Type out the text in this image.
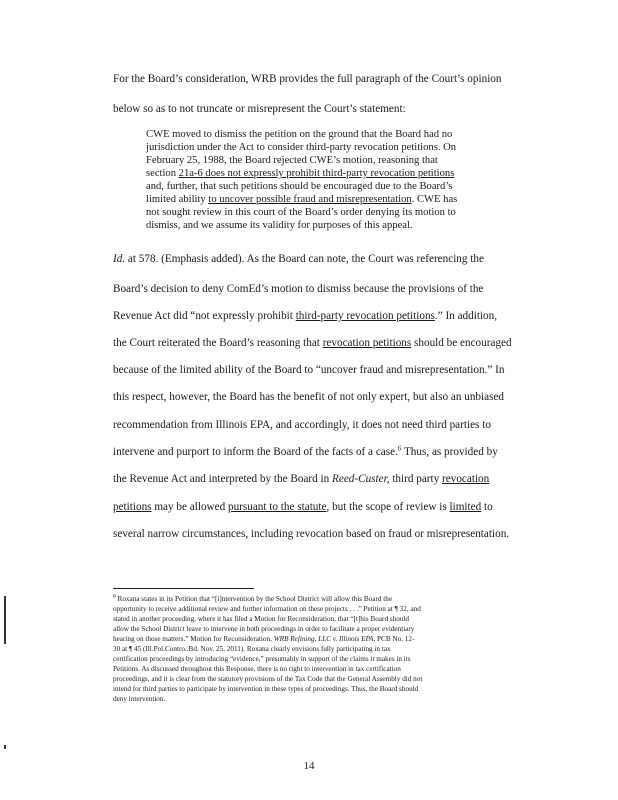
For the Board’s consideration, WRB provides the full paragraph of the Court’s opinion
below so as to not truncate or misrepresent the Court’s statement:
CWE moved to dismiss the petition on the ground that the Board had no
jurisdiction under the Act to consider third-party revocation petitions. On
February 25, 1988, the Board rejected CWE’s motion, reasoning that
section 21a-6 does not expressly prohibit third-party revocation petitions
and, further, that such petitions should be encouraged due to the Board’s
limited ability to uncover possible fraud and misrepresentation. CWE has
not sought review in this court of the Board’s order denying its motion to
dismiss, and we assume its validity for purposes of this appeal.
Id. at 578. (Emphasis added). As the Board can note, the Court was referencing the
Board’s decision to deny ComEd’s motion to dismiss because the provisions of the
Revenue Act did “not expressly prohibit third-party revocation petitions.” In addition,
the Court reiterated the Board’s reasoning that revocation petitions should be encouraged
because of the limited ability of the Board to “uncover fraud and misrepresentation.” In
this respect, however, the Board has the benefit of not only expert, but also an unbiased
recommendation from Illinois EPA, and accordingly, it does not need third parties to
intervene and purport to inform the Board of the facts of a case.$^6$ Thus, as provided by
the Revenue Act and interpreted by the Board in Reed-Custer, third party revocation
petitions may be allowed pursuant to the statute, but the scope of review is limited to
several narrow circumstances, including revocation based on fraud or misrepresentation.
$^6$ Roxana states in its Petition that “[i]ntervention by the School District will allow this Board the
opportunity to receive additional review and further information on these projects . . .” Petition at ¶ 32, and
stated in another proceeding, where it has filed a Motion for Reconsideration, that “[t]his Board should
allow the School District leave to intervene in both proceedings in order to facilitate a proper evidentiary
hearing on those matters.” Motion for Reconsideration, WRB Refining, LLC v. Illinois EPA, PCB No. 12-
30 at ¶ 45 (Ill.Pol.Contro..Bd. Nov. 25, 2011). Roxana clearly envisions fully participating in tax
certification proceedings by introducing “evidence,” presumably in support of the claims it makes in its
Petitions. As discussed throughout this Response, there is no right to intervention in tax certification
proceedings, and it is clear from the statutory provisions of the Tax Code that the General Assembly did not
intend for third parties to participate by intervention in these types of proceedings. Thus, the Board should
deny intervention.
14
